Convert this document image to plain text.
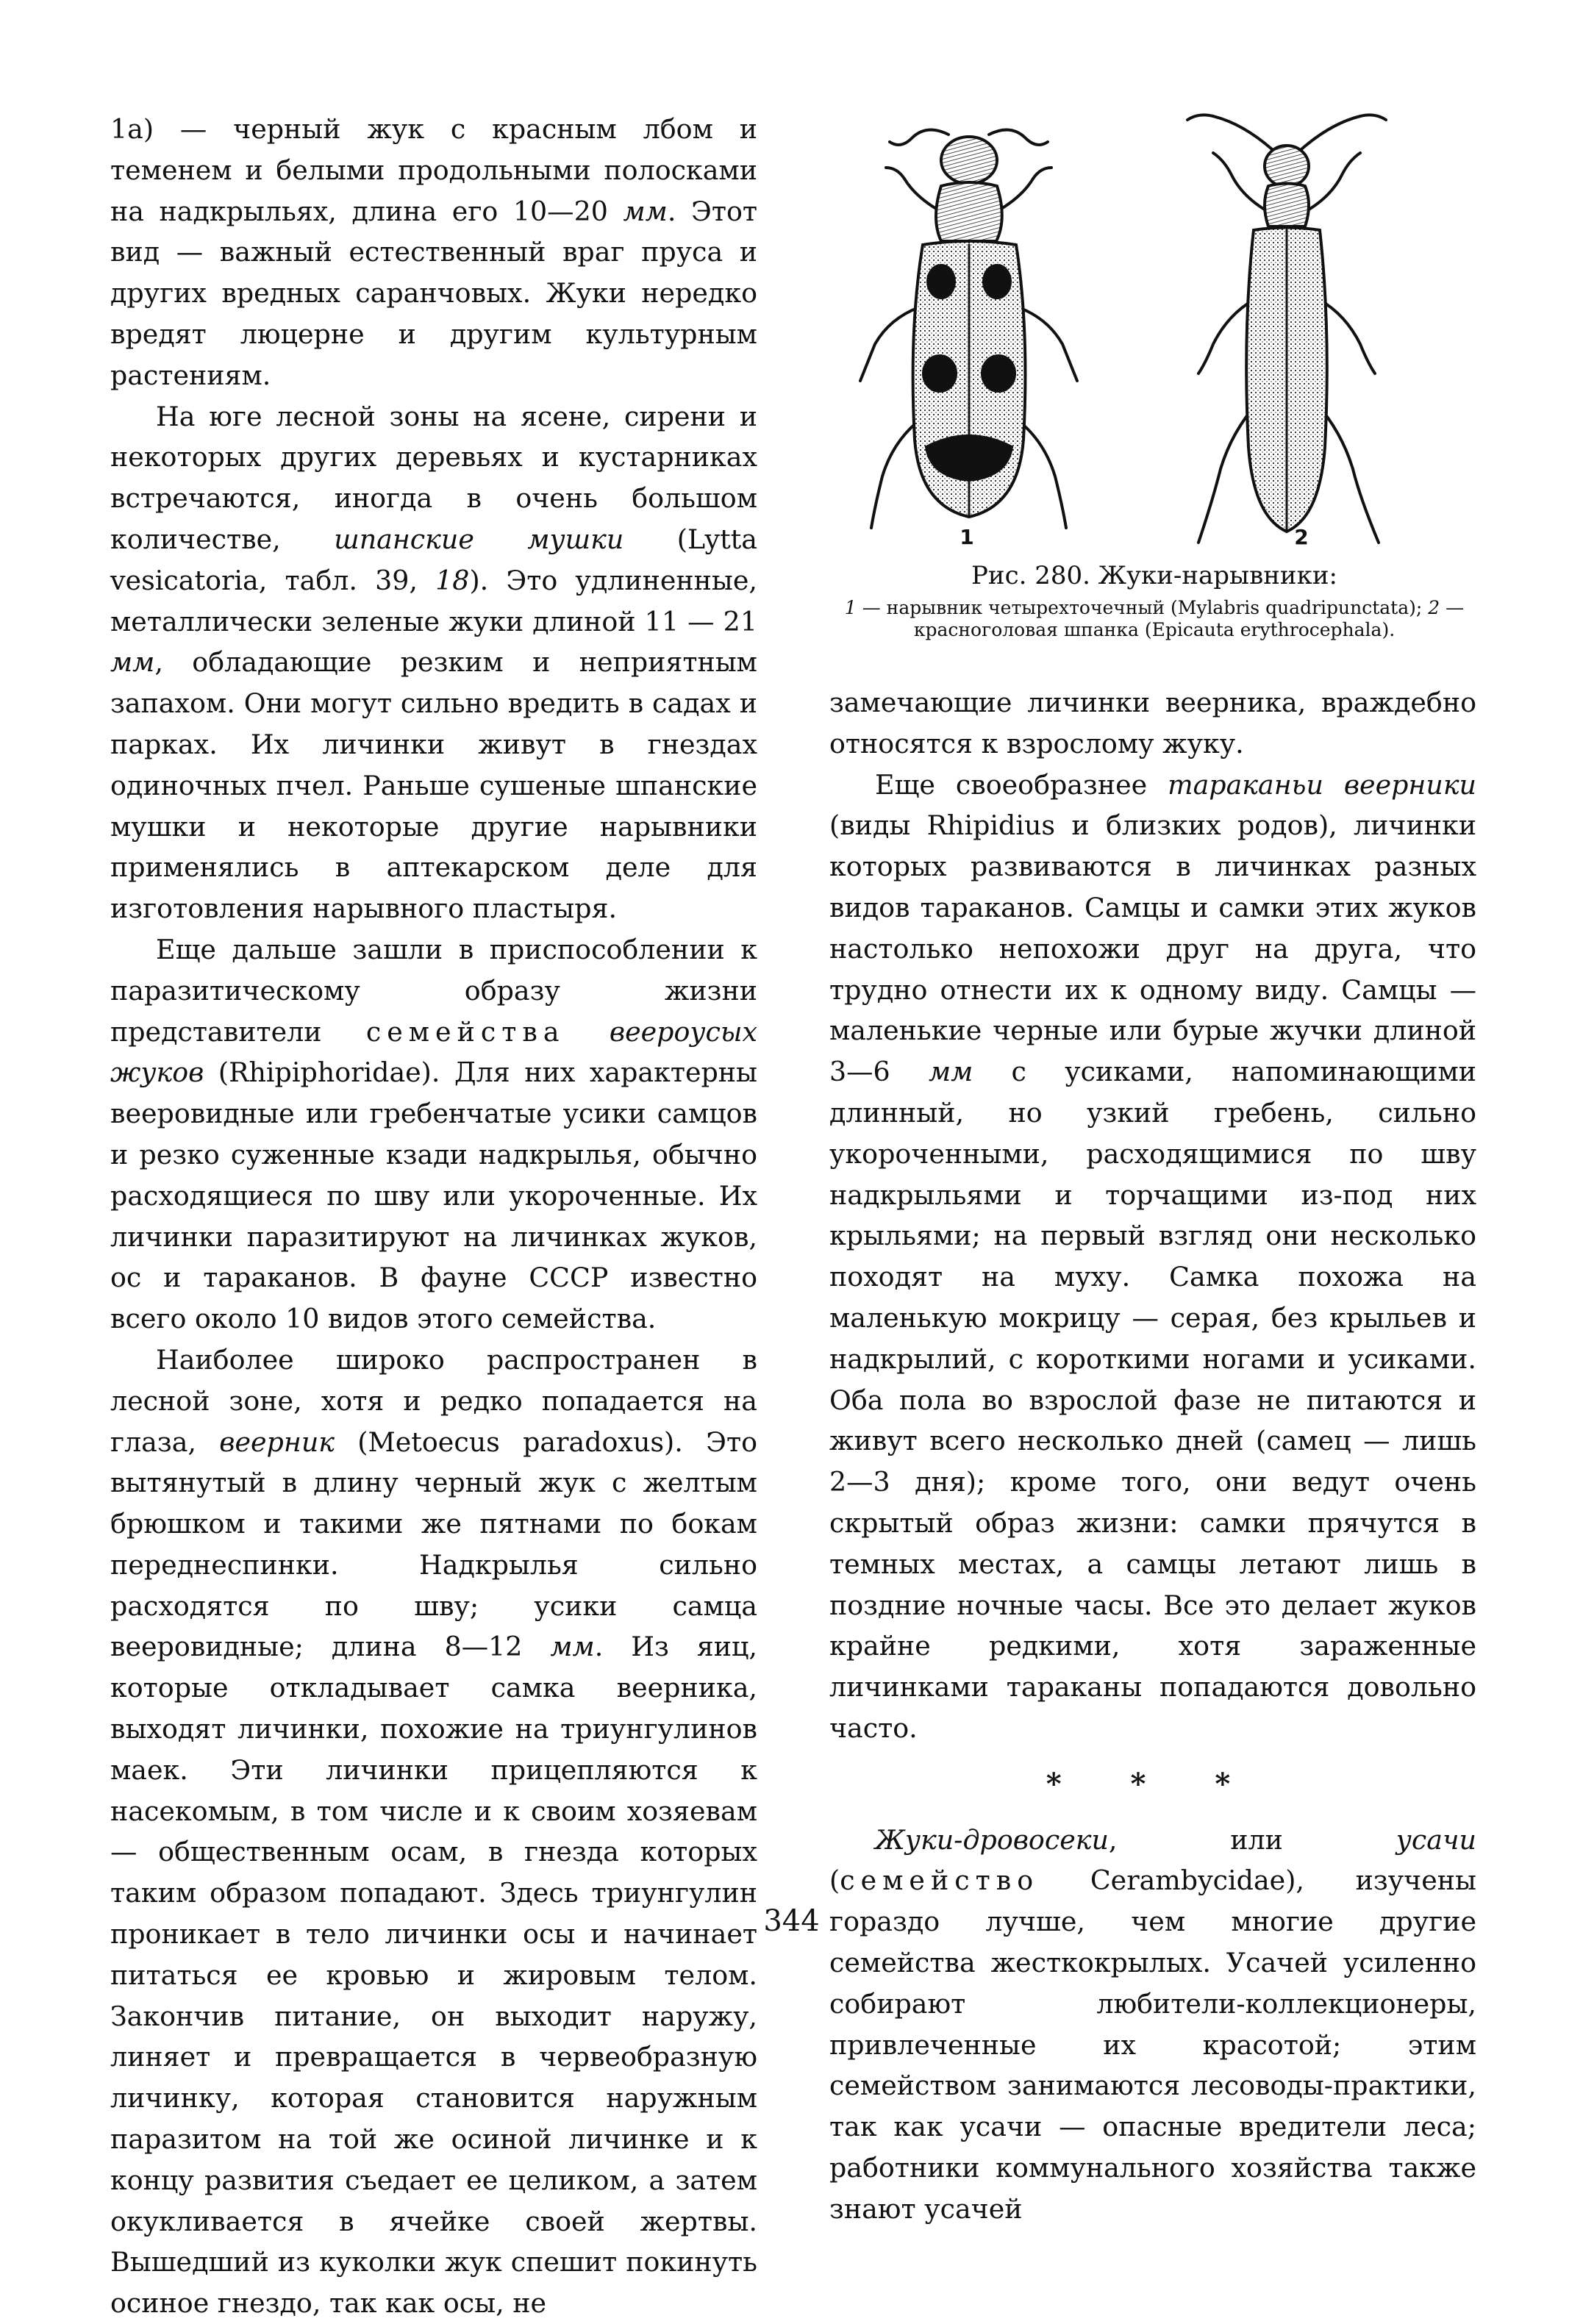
1a) — черный жук с красным лбом и теменем и белыми продольными полосками на надкрыльях, длина его 10—20 мм. Этот вид — важный естественный враг пруса и других вредных саранчовых. Жуки нередко вредят люцерне и другим культурным растениям.

На юге лесной зоны на ясене, сирени и некоторых других деревьях и кустарниках встречаются, иногда в очень большом количестве, шпанские мушки (Lytta vesicatoria, табл. 39, 18). Это удлиненные, металлически зеленые жуки длиной 11 — 21 мм, обладающие резким и неприятным запахом. Они могут сильно вредить в садах и парках. Их личинки живут в гнездах одиночных пчел. Раньше сушеные шпанские мушки и некоторые другие нарывники применялись в аптекарском деле для изготовления нарывного пластыря.

Еще дальше зашли в приспособлении к паразитическому образу жизни представители семейства веероусых жуков (Rhipiphoridae). Для них характерны вееровидные или гребенчатые усики самцов и резко суженные кзади надкрылья, обычно расходящиеся по шву или укороченные. Их личинки паразитируют на личинках жуков, ос и тараканов. В фауне СССР известно всего около 10 видов этого семейства.

Наиболее широко распространен в лесной зоне, хотя и редко попадается на глаза, веерник (Metoecus paradoxus). Это вытянутый в длину черный жук с желтым брюшком и такими же пятнами по бокам переднеспинки. Надкрылья сильно расходятся по шву; усики самца вееровидные; длина 8—12 мм. Из яиц, которые откладывает самка веерника, выходят личинки, похожие на триунгулинов маек. Эти личинки прицепляются к насекомым, в том числе и к своим хозяевам — общественным осам, в гнезда которых таким образом попадают. Здесь триунгулин проникает в тело личинки осы и начинает питаться ее кровью и жировым телом. Закончив питание, он выходит наружу, линяет и превращается в червеобразную личинку, которая становится наружным паразитом на той же осиной личинке и к концу развития съедает ее целиком, а затем окукливается в ячейке своей жертвы. Вышедший из куколки жук спешит покинуть осиное гнездо, так как осы, не

1	2
Рис. 280. Жуки-нарывники:
1 — нарывник четырехточечный (Mylabris quadripunctata); 2 — красноголовая шпанка (Epicauta erythrocephala).

замечающие личинки веерника, враждебно относятся к взрослому жуку.

Еще своеобразнее тараканьи веерники (виды Rhipidius и близких родов), личинки которых развиваются в личинках разных видов тараканов. Самцы и самки этих жуков настолько непохожи друг на друга, что трудно отнести их к одному виду. Самцы — маленькие черные или бурые жучки длиной 3—6 мм с усиками, напоминающими длинный, но узкий гребень, сильно укороченными, расходящимися по шву надкрыльями и торчащими из-под них крыльями; на первый взгляд они несколько походят на муху. Самка похожа на маленькую мокрицу — серая, без крыльев и надкрылий, с короткими ногами и усиками. Оба пола во взрослой фазе не питаются и живут всего несколько дней (самец — лишь 2—3 дня); кроме того, они ведут очень скрытый образ жизни: самки прячутся в темных местах, а самцы летают лишь в поздние ночные часы. Все это делает жуков крайне редкими, хотя зараженные личинками тараканы попадаются довольно часто.

* * *

Жуки-дровосеки, или усачи (семейство Cerambycidae), изучены гораздо лучше, чем многие другие семейства жесткокрылых. Усачей усиленно собирают любители-коллекционеры, привлеченные их красотой; этим семейством занимаются лесоводы-практики, так как усачи — опасные вредители леса; работники коммунального хозяйства также знают усачей

344
